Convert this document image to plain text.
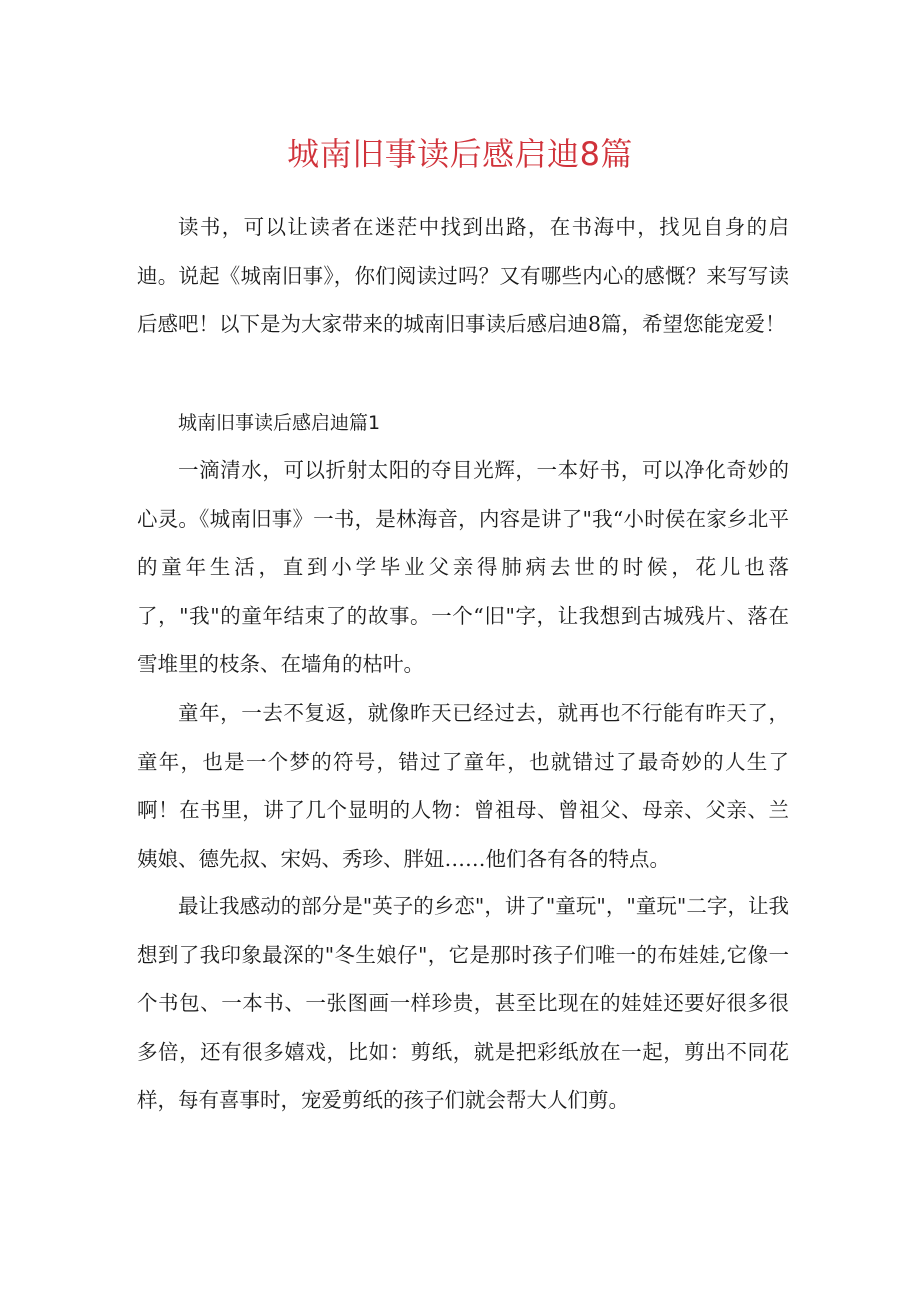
城南旧事读后感启迪8篇

读书，可以让读者在迷茫中找到出路，在书海中，找见自身的启迪。说起《城南旧事》，你们阅读过吗？又有哪些内心的感慨？来写写读后感吧！以下是为大家带来的城南旧事读后感启迪8篇，希望您能宠爱！

城南旧事读后感启迪篇1

一滴清水，可以折射太阳的夺目光辉，一本好书，可以净化奇妙的心灵。《城南旧事》一书，是林海音，内容是讲了"我“小时侯在家乡北平的童年生活，直到小学毕业父亲得肺病去世的时候，花儿也落了，"我"的童年结束了的故事。一个“旧"字，让我想到古城残片、落在雪堆里的枝条、在墙角的枯叶。

童年，一去不复返，就像昨天已经过去，就再也不行能有昨天了，童年，也是一个梦的符号，错过了童年，也就错过了最奇妙的人生了啊！在书里，讲了几个显明的人物：曾祖母、曾祖父、母亲、父亲、兰姨娘、德先叔、宋妈、秀珍、胖妞……他们各有各的特点。

最让我感动的部分是"英子的乡恋"，讲了"童玩"，"童玩"二字，让我想到了我印象最深的"冬生娘仔"，它是那时孩子们唯一的布娃娃,它像一个书包、一本书、一张图画一样珍贵，甚至比现在的娃娃还要好很多很多倍，还有很多嬉戏，比如：剪纸，就是把彩纸放在一起，剪出不同花样，每有喜事时，宠爱剪纸的孩子们就会帮大人们剪。
